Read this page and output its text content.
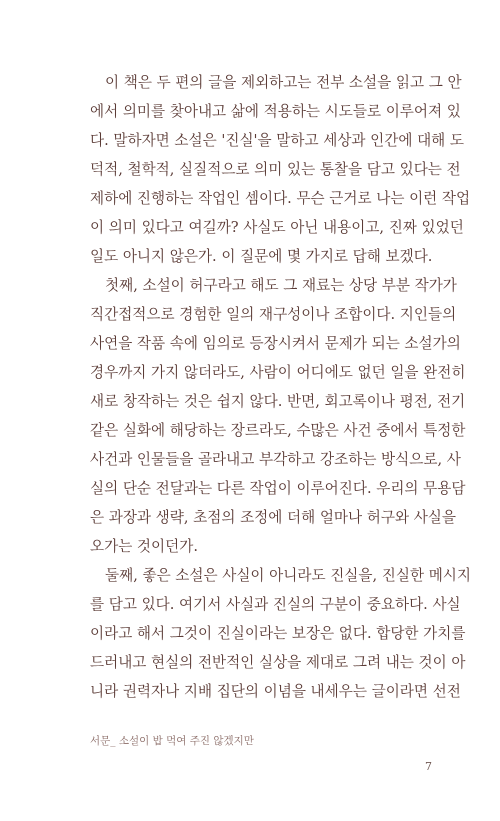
이 책은 두 편의 글을 제외하고는 전부 소설을 읽고 그 안
에서 의미를 찾아내고 삶에 적용하는 시도들로 이루어져 있
다. 말하자면 소설은 '진실'을 말하고 세상과 인간에 대해 도
덕적, 철학적, 실질적으로 의미 있는 통찰을 담고 있다는 전
제하에 진행하는 작업인 셈이다. 무슨 근거로 나는 이런 작업
이 의미 있다고 여길까? 사실도 아닌 내용이고, 진짜 있었던
일도 아니지 않은가. 이 질문에 몇 가지로 답해 보겠다.
첫째, 소설이 허구라고 해도 그 재료는 상당 부분 작가가
직간접적으로 경험한 일의 재구성이나 조합이다. 지인들의
사연을 작품 속에 임의로 등장시켜서 문제가 되는 소설가의
경우까지 가지 않더라도, 사람이 어디에도 없던 일을 완전히
새로 창작하는 것은 쉽지 않다. 반면, 회고록이나 평전, 전기
같은 실화에 해당하는 장르라도, 수많은 사건 중에서 특정한
사건과 인물들을 골라내고 부각하고 강조하는 방식으로, 사
실의 단순 전달과는 다른 작업이 이루어진다. 우리의 무용담
은 과장과 생략, 초점의 조정에 더해 얼마나 허구와 사실을
오가는 것이던가.
둘째, 좋은 소설은 사실이 아니라도 진실을, 진실한 메시지
를 담고 있다. 여기서 사실과 진실의 구분이 중요하다. 사실
이라고 해서 그것이 진실이라는 보장은 없다. 합당한 가치를
드러내고 현실의 전반적인 실상을 제대로 그려 내는 것이 아
니라 권력자나 지배 집단의 이념을 내세우는 글이라면 선전
서문_ 소설이 밥 먹여 주진 않겠지만
7
